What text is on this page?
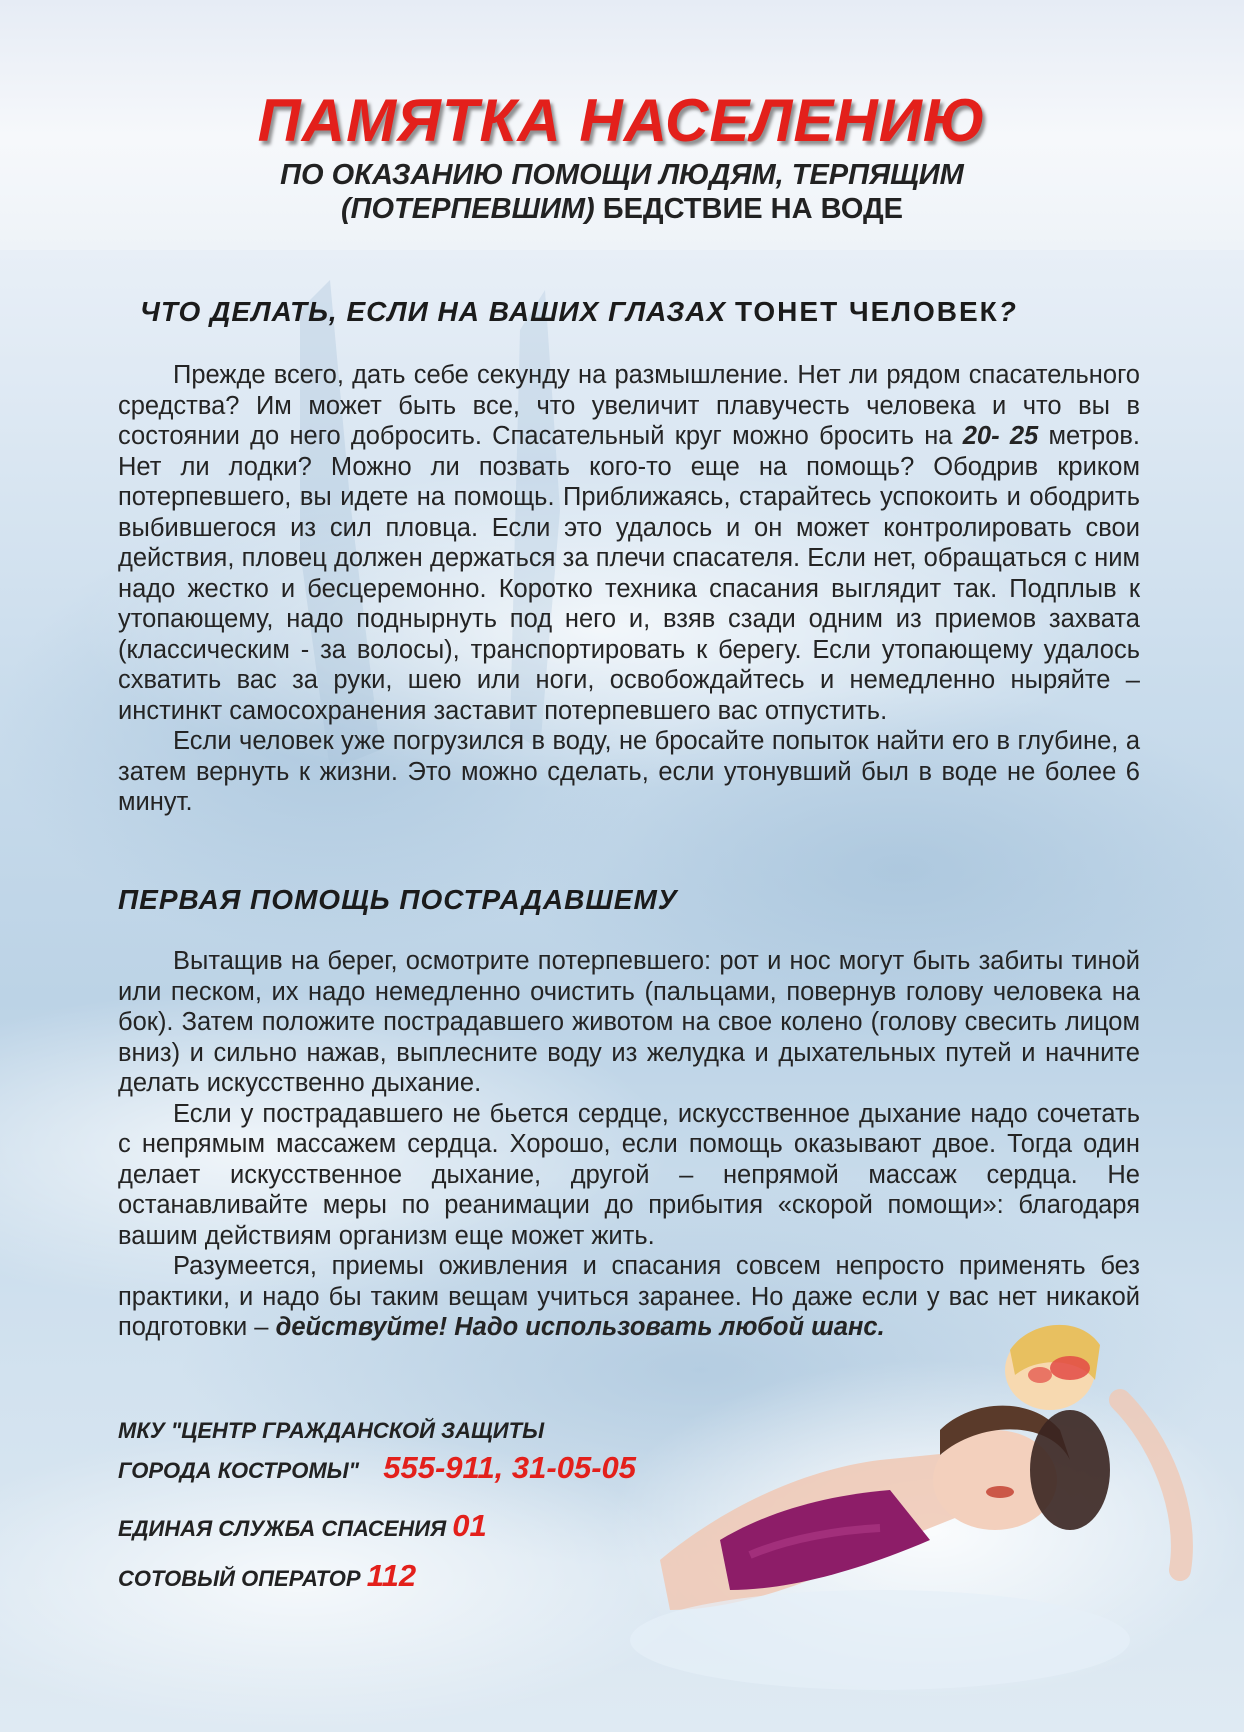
ПАМЯТКА НАСЕЛЕНИЮ
ПО ОКАЗАНИЮ ПОМОЩИ ЛЮДЯМ, ТЕРПЯЩИМ
(ПОТЕРПЕВШИМ) БЕДСТВИЕ НА ВОДЕ
ЧТО ДЕЛАТЬ, ЕСЛИ НА ВАШИХ ГЛАЗАХ ТОНЕТ ЧЕЛОВЕК?

Прежде всего, дать себе секунду на размышление. Нет ли рядом спасательного средства? Им может быть все, что увеличит плавучесть человека и что вы в состоянии до него добросить. Спасательный круг можно бросить на 20- 25 метров. Нет ли лодки? Можно ли позвать кого-то еще на помощь? Ободрив криком потерпевшего, вы идете на помощь. Приближаясь, старайтесь успокоить и ободрить выбившегося из сил пловца. Если это удалось и он может контролировать свои действия, пловец должен держаться за плечи спасателя. Если нет, обращаться с ним надо жестко и бесцеремонно. Коротко техника спасания выглядит так. Подплыв к утопающему, надо поднырнуть под него и, взяв сзади одним из приемов захвата (классическим - за волосы), транспортировать к берегу. Если утопающему удалось схватить вас за руки, шею или ноги, освобождайтесь и немедленно ныряйте – инстинкт самосохранения заставит потерпевшего вас отпустить.

Если человек уже погрузился в воду, не бросайте попыток найти его в глубине, а затем вернуть к жизни. Это можно сделать, если утонувший был в воде не более 6 минут.

ПЕРВАЯ ПОМОЩЬ ПОСТРАДАВШЕМУ

Вытащив на берег, осмотрите потерпевшего: рот и нос могут быть забиты тиной или песком, их надо немедленно очистить (пальцами, повернув голову человека на бок). Затем положите пострадавшего животом на свое колено (голову свесить лицом вниз) и сильно нажав, выплесните воду из желудка и дыхательных путей и начните делать искусственно дыхание.

Если у пострадавшего не бьется сердце, искусственное дыхание надо сочетать с непрямым массажем сердца. Хорошо, если помощь оказывают двое. Тогда один делает искусственное дыхание, другой – непрямой массаж сердца. Не останавливайте меры по реанимации до прибытия «скорой помощи»: благодаря вашим действиям организм еще может жить.

Разумеется, приемы оживления и спасания совсем непросто применять без практики, и надо бы таким вещам учиться заранее. Но даже если у вас нет никакой подготовки – действуйте! Надо использовать любой шанс.

МКУ "ЦЕНТР ГРАЖДАНСКОЙ ЗАЩИТЫ
ГОРОДА КОСТРОМЫ" 555-911, 31-05-05
ЕДИНАЯ СЛУЖБА СПАСЕНИЯ 01
СОТОВЫЙ ОПЕРАТОР 112
